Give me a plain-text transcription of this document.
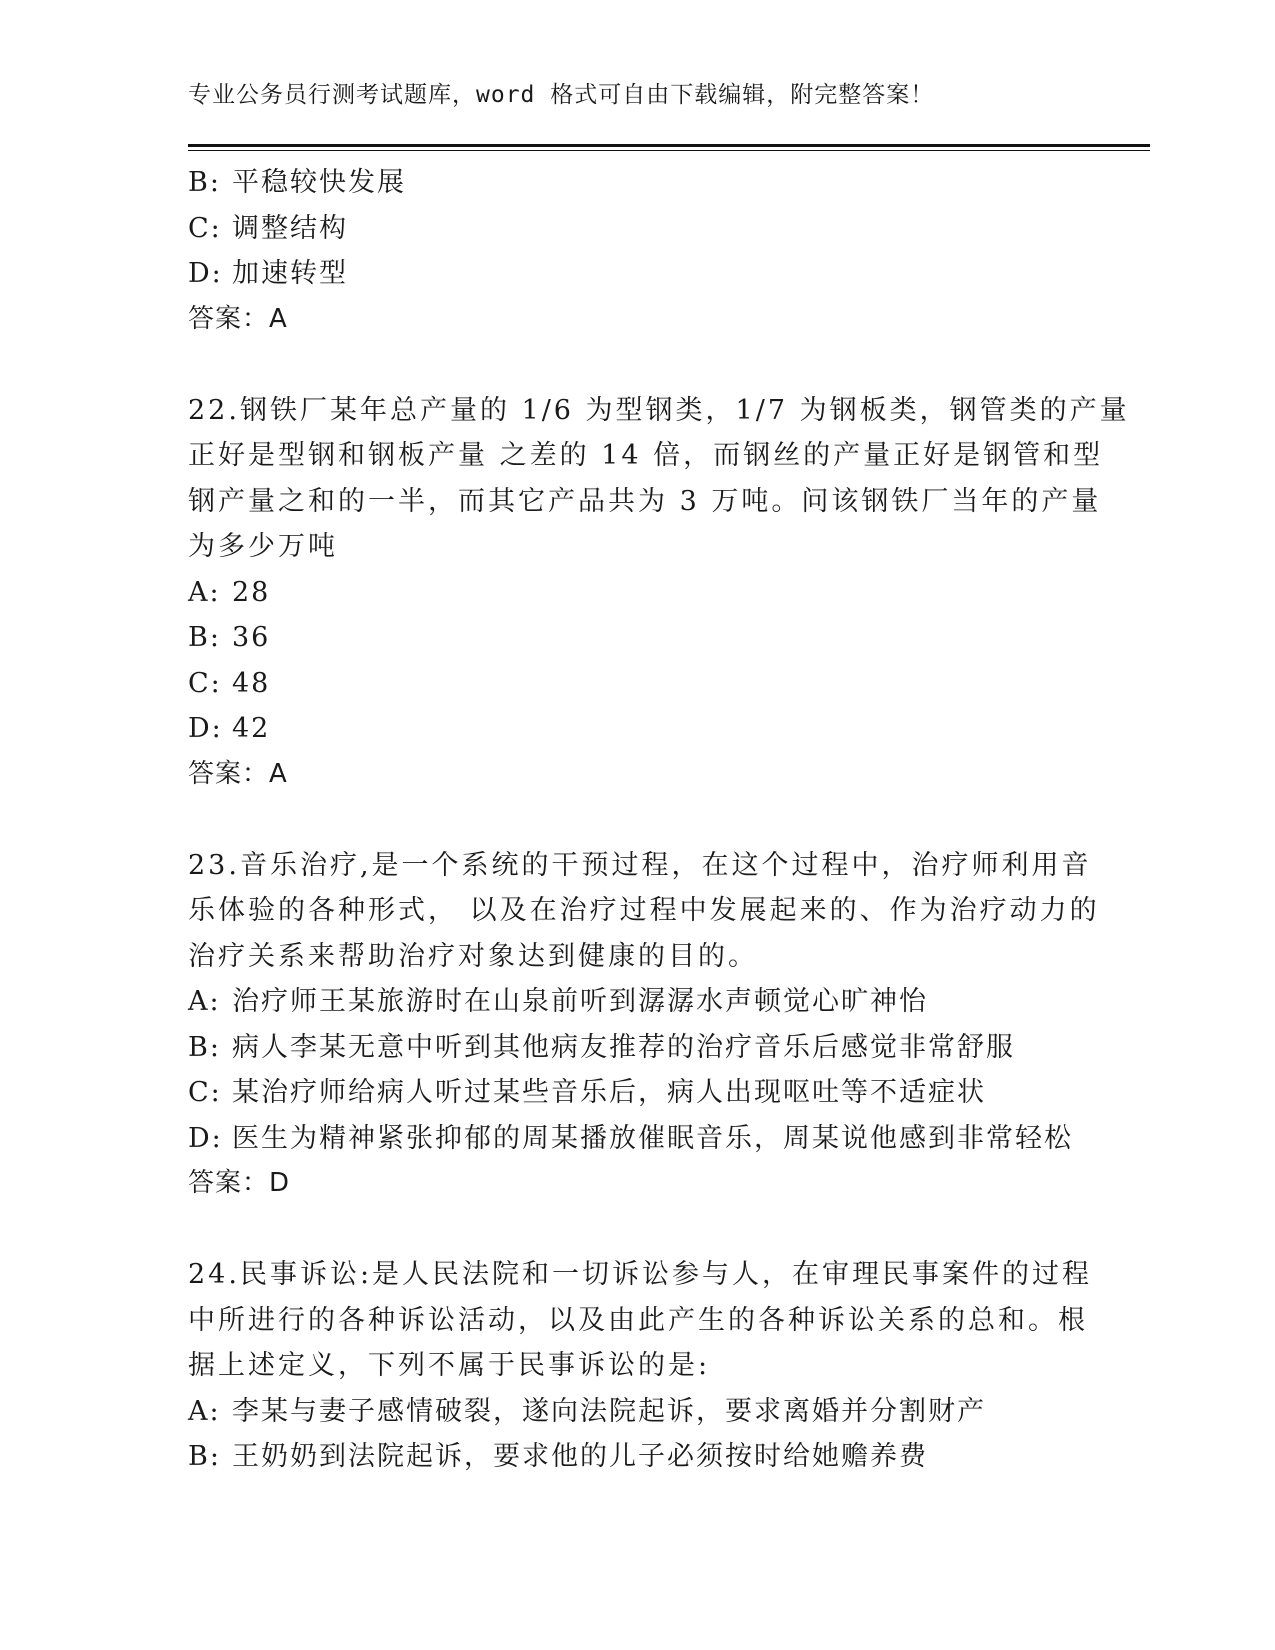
专业公务员行测考试题库，word 格式可自由下载编辑，附完整答案！
B: 平稳较快发展
C: 调整结构
D: 加速转型
答案：A
22.钢铁厂某年总产量的 1/6 为型钢类，1/7 为钢板类，钢管类的产量
正好是型钢和钢板产量 之差的 14 倍，而钢丝的产量正好是钢管和型
钢产量之和的一半，而其它产品共为 3 万吨。问该钢铁厂当年的产量
为多少万吨
A: 28
B: 36
C: 48
D: 42
答案：A
23.音乐治疗,是一个系统的干预过程，在这个过程中，治疗师利用音
乐体验的各种形式， 以及在治疗过程中发展起来的、作为治疗动力的
治疗关系来帮助治疗对象达到健康的目的。
A: 治疗师王某旅游时在山泉前听到潺潺水声顿觉心旷神怡
B: 病人李某无意中听到其他病友推荐的治疗音乐后感觉非常舒服
C: 某治疗师给病人听过某些音乐后，病人出现呕吐等不适症状
D: 医生为精神紧张抑郁的周某播放催眠音乐，周某说他感到非常轻松
答案：D
24.民事诉讼:是人民法院和一切诉讼参与人，在审理民事案件的过程
中所进行的各种诉讼活动，以及由此产生的各种诉讼关系的总和。根
据上述定义，下列不属于民事诉讼的是:
A: 李某与妻子感情破裂，遂向法院起诉，要求离婚并分割财产
B: 王奶奶到法院起诉，要求他的儿子必须按时给她赡养费
